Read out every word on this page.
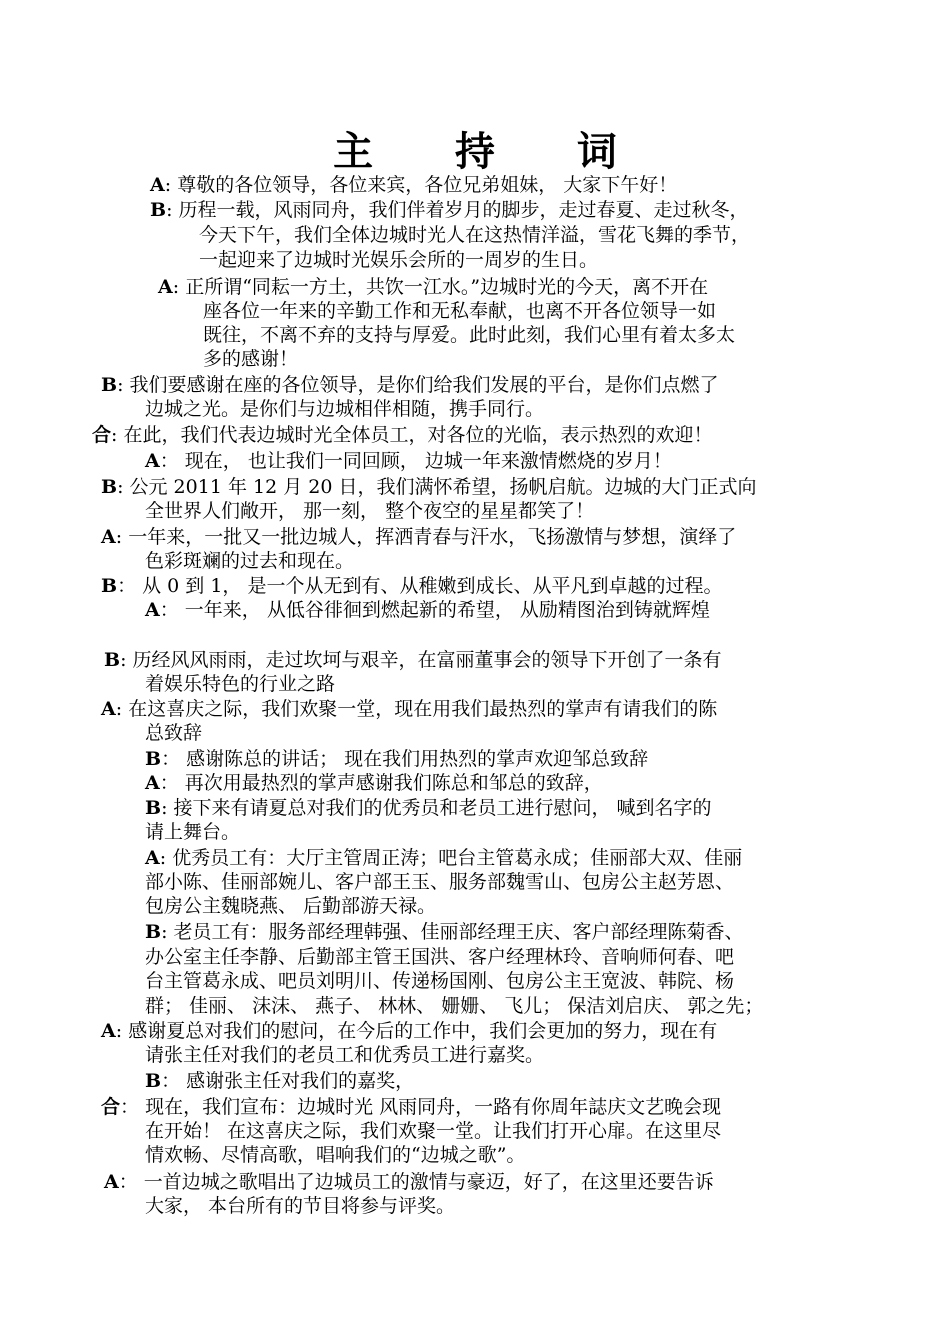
主 持 词
A: 尊敬的各位领导，各位来宾，各位兄弟姐妹， 大家下午好！
B: 历程一载，风雨同舟，我们伴着岁月的脚步，走过春夏、走过秋冬，
今天下午，我们全体边城时光人在这热情洋溢，雪花飞舞的季节，
一起迎来了边城时光娱乐会所的一周岁的生日。
A: 正所谓“同耘一方土，共饮一江水。”边城时光的今天，离不开在
座各位一年来的辛勤工作和无私奉献，也离不开各位领导一如
既往，不离不弃的支持与厚爱。此时此刻，我们心里有着太多太
多的感谢！
B: 我们要感谢在座的各位领导，是你们给我们发展的平台，是你们点燃了
边城之光。是你们与边城相伴相随，携手同行。
合: 在此，我们代表边城时光全体员工，对各位的光临，表示热烈的欢迎！
A： 现在， 也让我们一同回顾， 边城一年来激情燃烧的岁月！
B: 公元 2011 年 12 月 20 日，我们满怀希望，扬帆启航。边城的大门正式向
全世界人们敞开， 那一刻， 整个夜空的星星都笑了！
A: 一年来，一批又一批边城人，挥洒青春与汗水，飞扬激情与梦想，演绎了
色彩斑斓的过去和现在。
B： 从 0 到 1， 是一个从无到有、从稚嫩到成长、从平凡到卓越的过程。
A： 一年来， 从低谷徘徊到燃起新的希望， 从励精图治到铸就辉煌
B: 历经风风雨雨，走过坎坷与艰辛，在富丽董事会的领导下开创了一条有
着娱乐特色的行业之路
A: 在这喜庆之际，我们欢聚一堂，现在用我们最热烈的掌声有请我们的陈
总致辞
B： 感谢陈总的讲话； 现在我们用热烈的掌声欢迎邹总致辞
A： 再次用最热烈的掌声感谢我们陈总和邹总的致辞，
B: 接下来有请夏总对我们的优秀员和老员工进行慰问， 喊到名字的
请上舞台。
A: 优秀员工有：大厅主管周正涛；吧台主管葛永成；佳丽部大双、佳丽
部小陈、佳丽部婉儿、客户部王玉、服务部魏雪山、包房公主赵芳恩、
包房公主魏晓燕、 后勤部游天禄。
B: 老员工有：服务部经理韩强、佳丽部经理王庆、客户部经理陈菊香、
办公室主任李静、后勤部主管王国洪、客户经理林玲、音响师何春、吧
台主管葛永成、吧员刘明川、传递杨国刚、包房公主王宽波、韩院、杨
群； 佳丽、 沫沫、 燕子、 林林、 姗姗、 飞儿； 保洁刘启庆、 郭之先；
A: 感谢夏总对我们的慰问，在今后的工作中，我们会更加的努力，现在有
请张主任对我们的老员工和优秀员工进行嘉奖。
B： 感谢张主任对我们的嘉奖，
合： 现在，我们宣布：边城时光 风雨同舟，一路有你周年誌庆文艺晚会现
在开始！ 在这喜庆之际，我们欢聚一堂。让我们打开心扉。在这里尽
情欢畅、尽情高歌，唱响我们的“边城之歌”。
A： 一首边城之歌唱出了边城员工的激情与豪迈，好了，在这里还要告诉
大家， 本台所有的节目将参与评奖。
